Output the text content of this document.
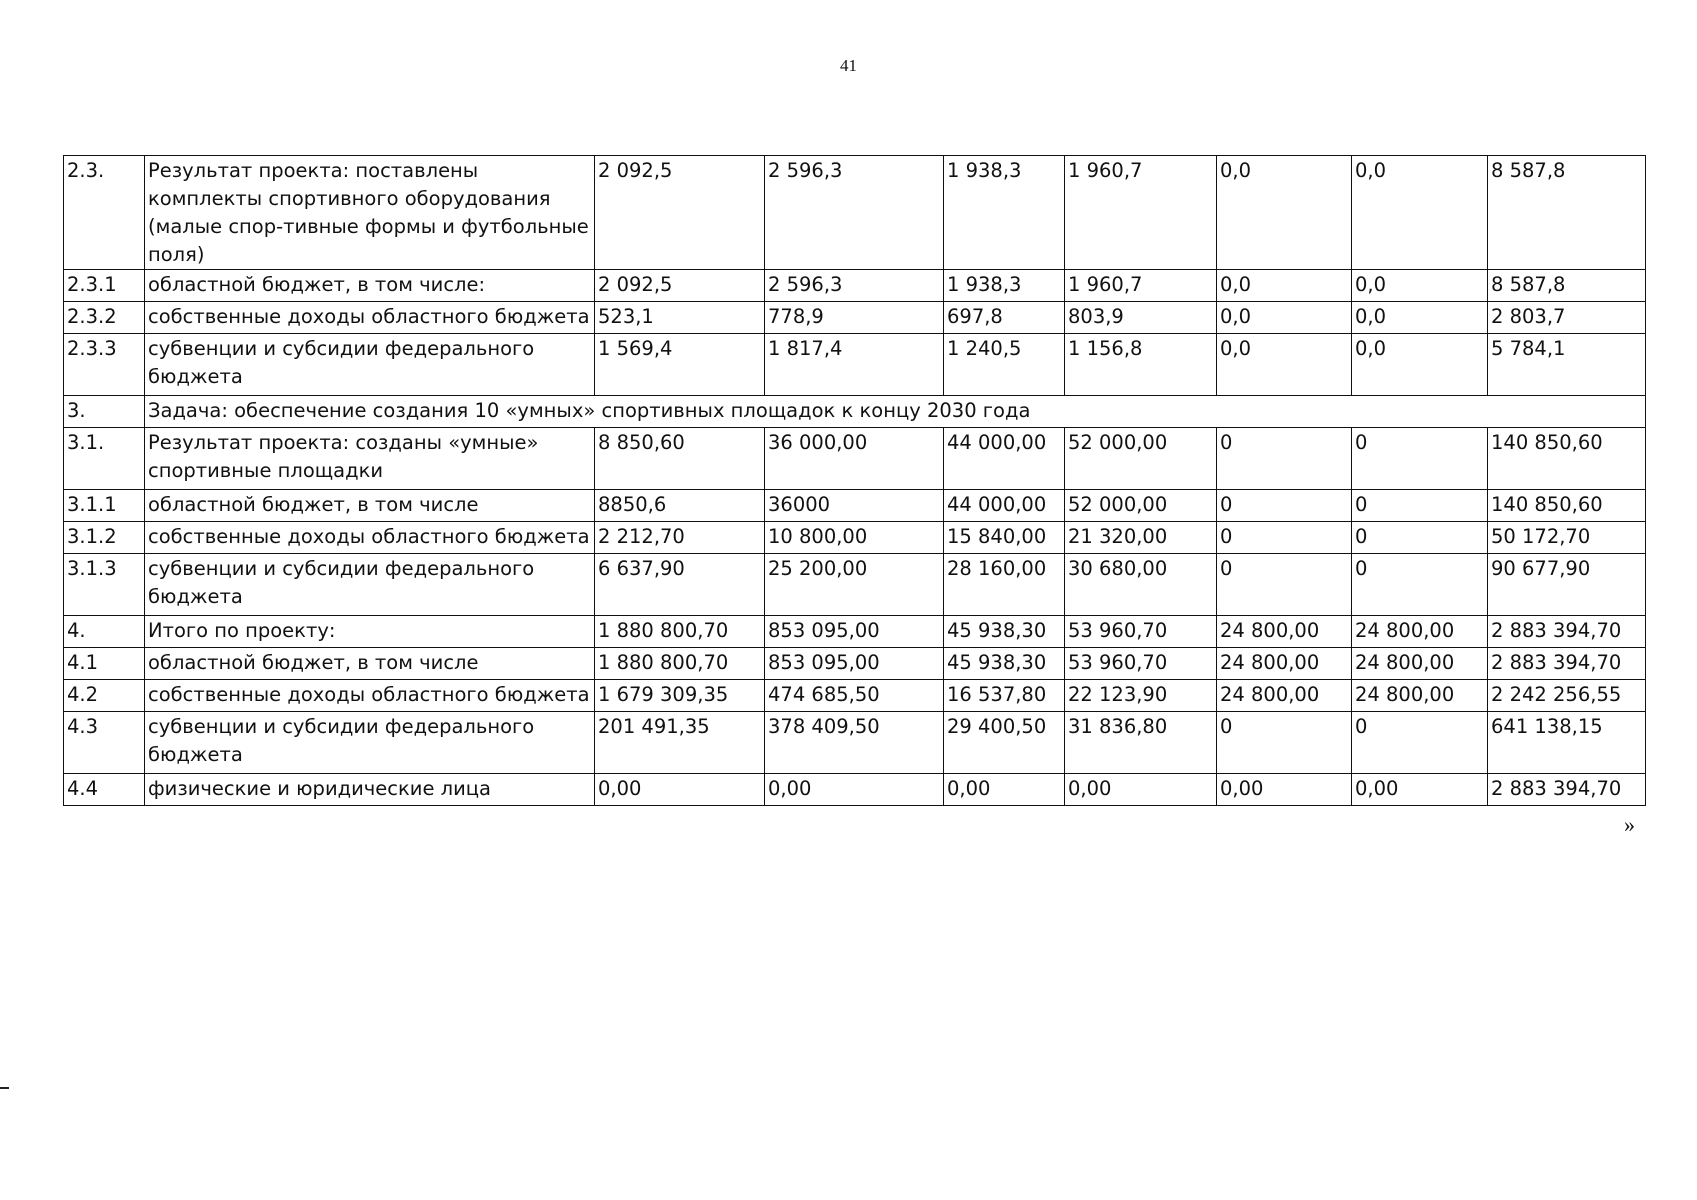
41
2.3.	Результат проекта: поставлены комплекты спортивного оборудования (малые спор-тивные формы и футбольные поля)	2 092,5	2 596,3	1 938,3	1 960,7	0,0	0,0	8 587,8
2.3.1	областной бюджет, в том числе:	2 092,5	2 596,3	1 938,3	1 960,7	0,0	0,0	8 587,8
2.3.2	собственные доходы областного бюджета	523,1	778,9	697,8	803,9	0,0	0,0	2 803,7
2.3.3	субвенции и субсидии федерального бюджета	1 569,4	1 817,4	1 240,5	1 156,8	0,0	0,0	5 784,1
3.	Задача: обеспечение создания 10 «умных» спортивных площадок к концу 2030 года							
3.1.	Результат проекта: созданы «умные» спортивные площадки	8 850,60	36 000,00	44 000,00	52 000,00	0	0	140 850,60
3.1.1	областной бюджет, в том числе	8850,6	36000	44 000,00	52 000,00	0	0	140 850,60
3.1.2	собственные доходы областного бюджета	2 212,70	10 800,00	15 840,00	21 320,00	0	0	50 172,70
3.1.3	субвенции и субсидии федерального бюджета	6 637,90	25 200,00	28 160,00	30 680,00	0	0	90 677,90
4.	Итого по проекту:	1 880 800,70	853 095,00	45 938,30	53 960,70	24 800,00	24 800,00	2 883 394,70
4.1	областной бюджет, в том числе	1 880 800,70	853 095,00	45 938,30	53 960,70	24 800,00	24 800,00	2 883 394,70
4.2	собственные доходы областного бюджета	1 679 309,35	474 685,50	16 537,80	22 123,90	24 800,00	24 800,00	2 242 256,55
4.3	субвенции и субсидии федерального бюджета	201 491,35	378 409,50	29 400,50	31 836,80	0	0	641 138,15
4.4	физические и юридические лица	0,00	0,00	0,00	0,00	0,00	0,00	2 883 394,70
»
